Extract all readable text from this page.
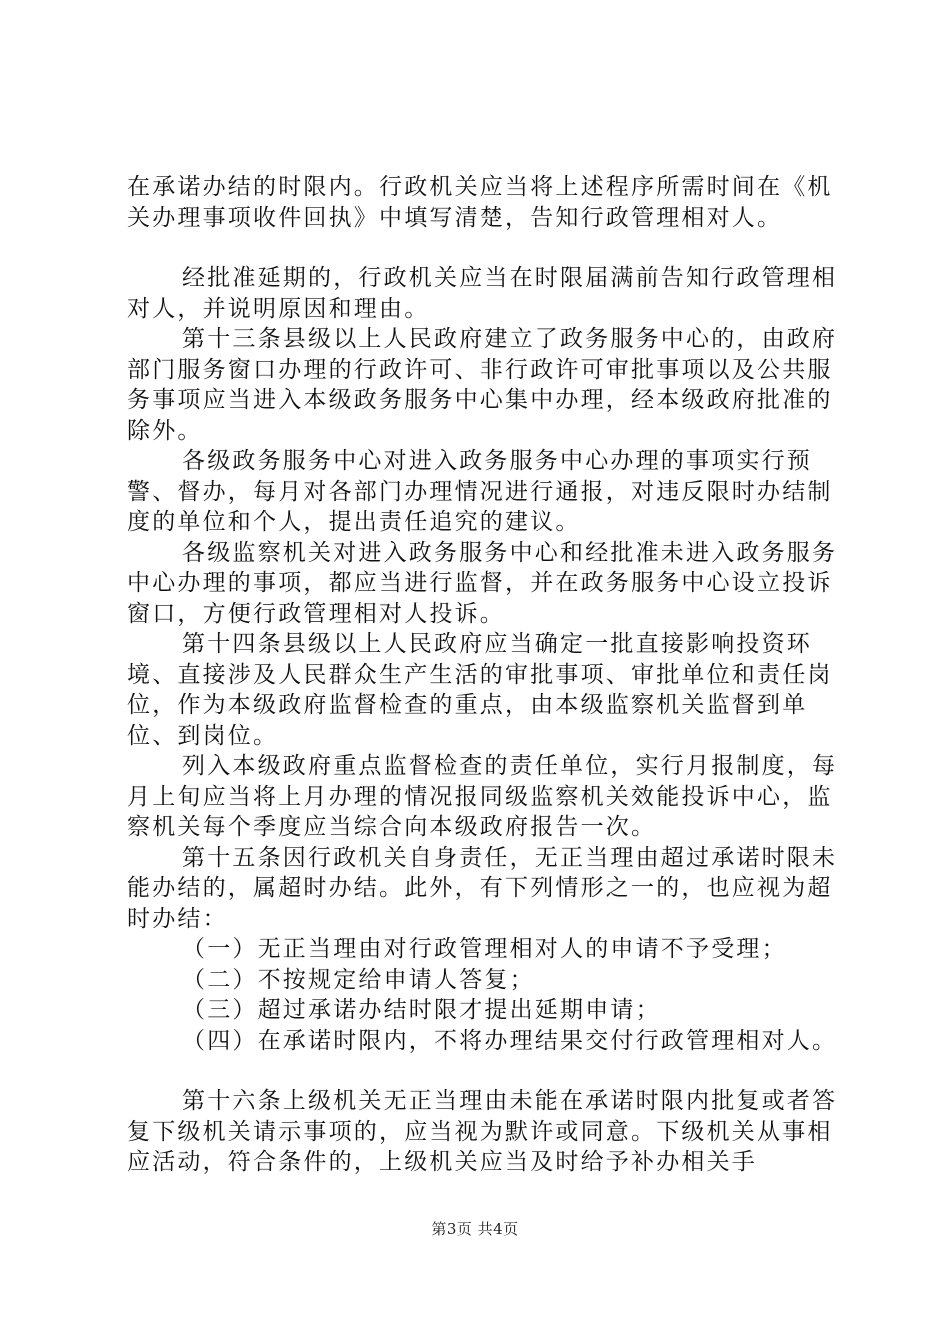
在承诺办结的时限内。行政机关应当将上述程序所需时间在《机关办理事项收件回执》中填写清楚，告知行政管理相对人。

经批准延期的，行政机关应当在时限届满前告知行政管理相对人，并说明原因和理由。

第十三条县级以上人民政府建立了政务服务中心的，由政府部门服务窗口办理的行政许可、非行政许可审批事项以及公共服务事项应当进入本级政务服务中心集中办理，经本级政府批准的除外。

各级政务服务中心对进入政务服务中心办理的事项实行预警、督办，每月对各部门办理情况进行通报，对违反限时办结制度的单位和个人，提出责任追究的建议。

各级监察机关对进入政务服务中心和经批准未进入政务服务中心办理的事项，都应当进行监督，并在政务服务中心设立投诉窗口，方便行政管理相对人投诉。

第十四条县级以上人民政府应当确定一批直接影响投资环境、直接涉及人民群众生产生活的审批事项、审批单位和责任岗位，作为本级政府监督检查的重点，由本级监察机关监督到单位、到岗位。

列入本级政府重点监督检查的责任单位，实行月报制度，每月上旬应当将上月办理的情况报同级监察机关效能投诉中心，监察机关每个季度应当综合向本级政府报告一次。

第十五条因行政机关自身责任，无正当理由超过承诺时限未能办结的，属超时办结。此外，有下列情形之一的，也应视为超时办结：

（一）无正当理由对行政管理相对人的申请不予受理；

（二）不按规定给申请人答复；

（三）超过承诺办结时限才提出延期申请；

（四）在承诺时限内，不将办理结果交付行政管理相对人。

第十六条上级机关无正当理由未能在承诺时限内批复或者答复下级机关请示事项的，应当视为默许或同意。下级机关从事相应活动，符合条件的，上级机关应当及时给予补办相关手

第3页 共4页
